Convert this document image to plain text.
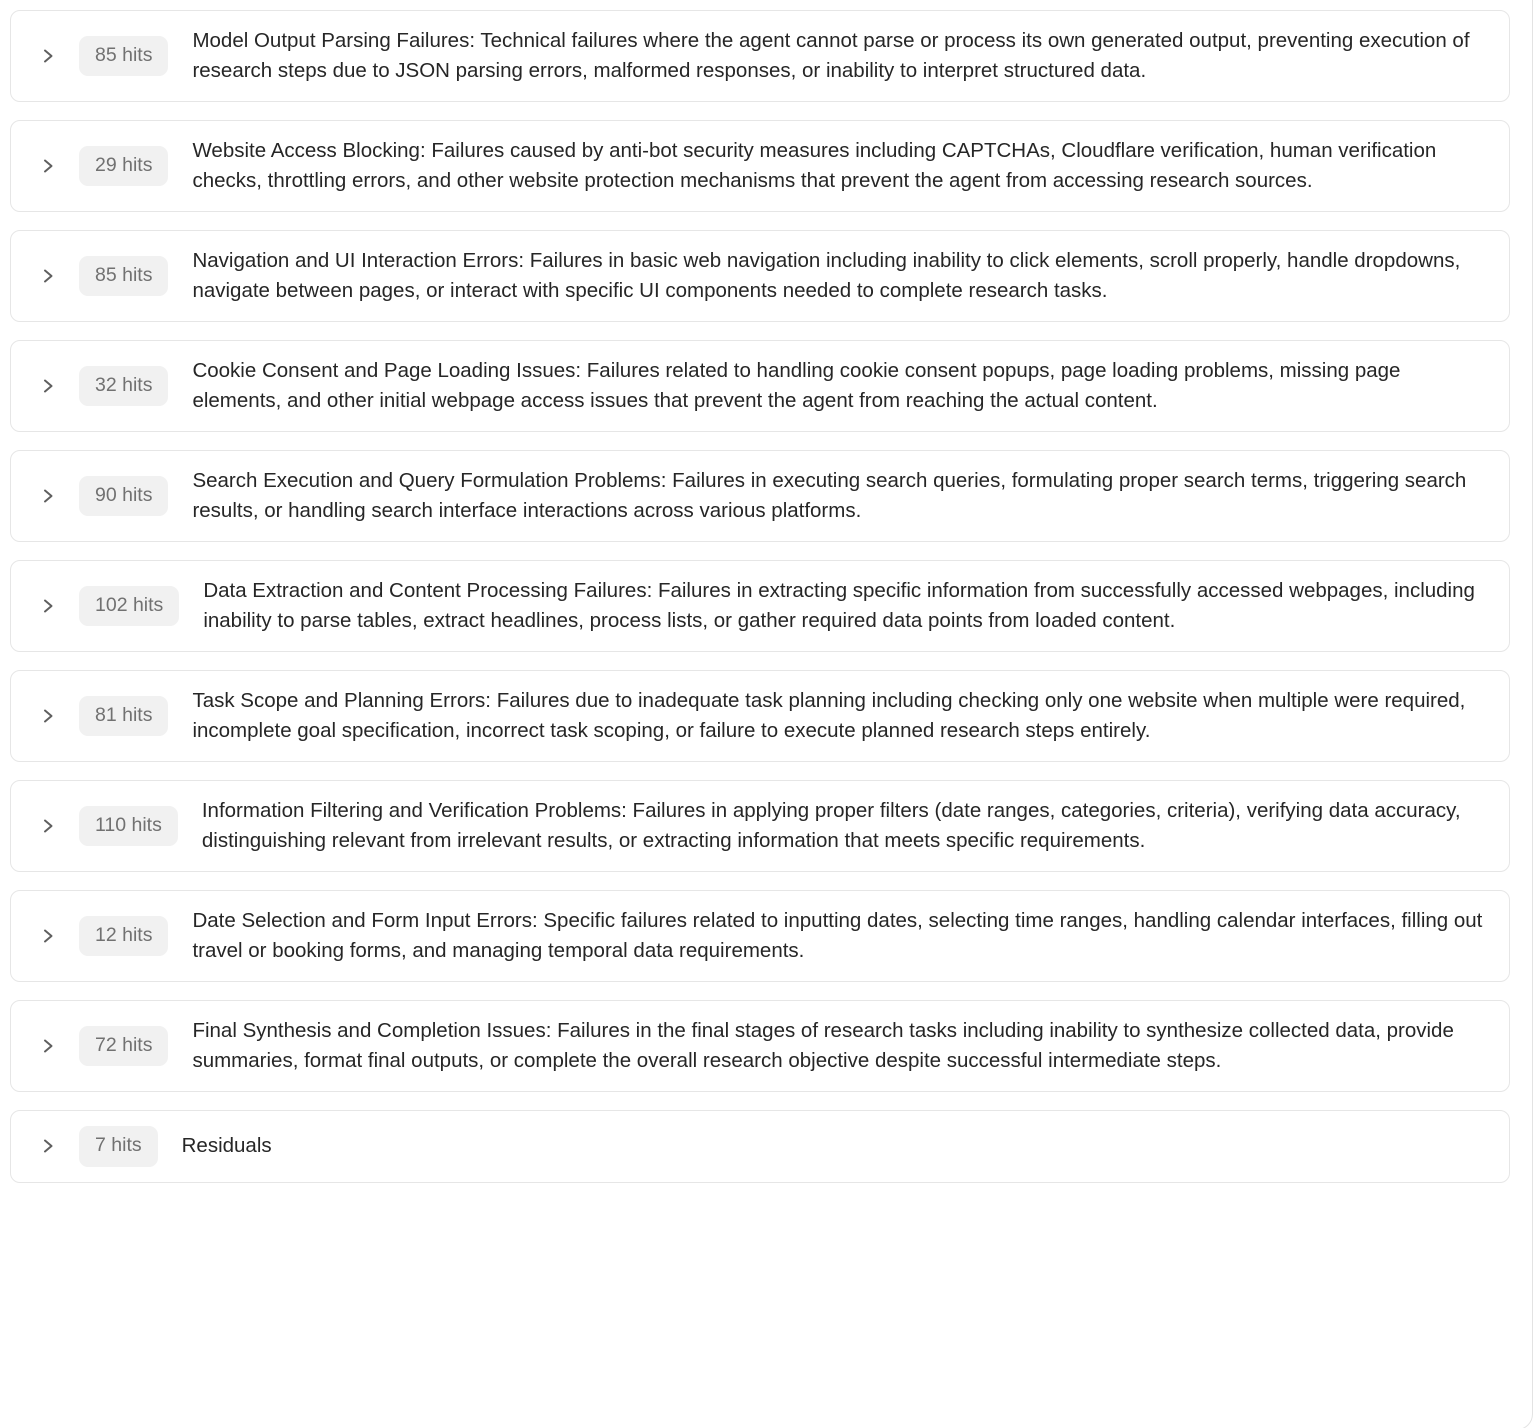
85 hits
Model Output Parsing Failures: Technical failures where the agent cannot parse or process its own generated output, preventing execution of research steps due to JSON parsing errors, malformed responses, or inability to interpret structured data.
29 hits
Website Access Blocking: Failures caused by anti-bot security measures including CAPTCHAs, Cloudflare verification, human verification checks, throttling errors, and other website protection mechanisms that prevent the agent from accessing research sources.
85 hits
Navigation and UI Interaction Errors: Failures in basic web navigation including inability to click elements, scroll properly, handle dropdowns, navigate between pages, or interact with specific UI components needed to complete research tasks.
32 hits
Cookie Consent and Page Loading Issues: Failures related to handling cookie consent popups, page loading problems, missing page elements, and other initial webpage access issues that prevent the agent from reaching the actual content.
90 hits
Search Execution and Query Formulation Problems: Failures in executing search queries, formulating proper search terms, triggering search results, or handling search interface interactions across various platforms.
102 hits
Data Extraction and Content Processing Failures: Failures in extracting specific information from successfully accessed webpages, including inability to parse tables, extract headlines, process lists, or gather required data points from loaded content.
81 hits
Task Scope and Planning Errors: Failures due to inadequate task planning including checking only one website when multiple were required, incomplete goal specification, incorrect task scoping, or failure to execute planned research steps entirely.
110 hits
Information Filtering and Verification Problems: Failures in applying proper filters (date ranges, categories, criteria), verifying data accuracy, distinguishing relevant from irrelevant results, or extracting information that meets specific requirements.
12 hits
Date Selection and Form Input Errors: Specific failures related to inputting dates, selecting time ranges, handling calendar interfaces, filling out travel or booking forms, and managing temporal data requirements.
72 hits
Final Synthesis and Completion Issues: Failures in the final stages of research tasks including inability to synthesize collected data, provide summaries, format final outputs, or complete the overall research objective despite successful intermediate steps.
7 hits	Residuals
